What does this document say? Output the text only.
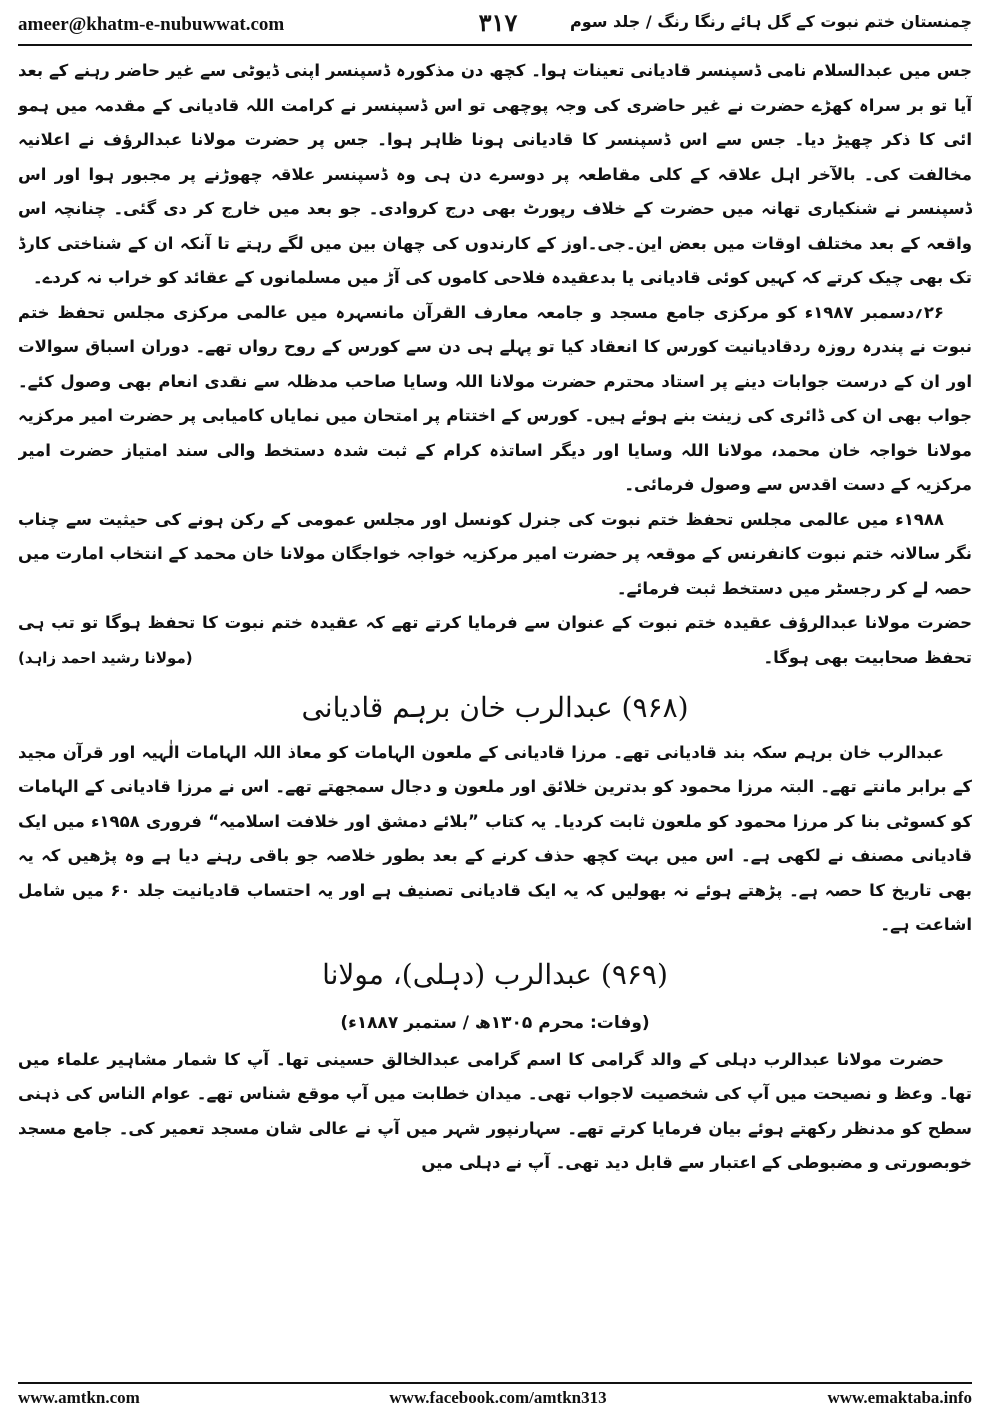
ameer@khatm-e-nubuwwat.com	۳۱۷	چمنستان ختم نبوت کے گل ہائے رنگا رنگ / جلد سوم

جس میں عبدالسلام نامی ڈسپنسر قادیانی تعینات ہوا۔ کچھ دن مذکورہ ڈسپنسر اپنی ڈیوٹی سے غیر حاضر رہنے کے بعد آیا تو بر سراہ کھڑے حضرت نے غیر حاضری کی وجہ پوچھی تو اس ڈسپنسر نے کرامت اللہ قادیانی کے مقدمہ میں ہمو ائی کا ذکر چھیڑ دیا۔ جس سے اس ڈسپنسر کا قادیانی ہونا ظاہر ہوا۔ جس پر حضرت مولانا عبدالرؤف نے اعلانیہ مخالفت کی۔ بالآخر اہل علاقہ کے کلی مقاطعہ پر دوسرے دن ہی وہ ڈسپنسر علاقہ چھوڑنے پر مجبور ہوا اور اس ڈسپنسر نے شنکیاری تھانہ میں حضرت کے خلاف رپورٹ بھی درج کروادی۔ جو بعد میں خارج کر دی گئی۔ چنانچہ اس واقعہ کے بعد مختلف اوقات میں بعض این۔جی۔اوز کے کارندوں کی چھان بین میں لگے رہتے تا آنکہ ان کے شناختی کارڈ تک بھی چیک کرتے کہ کہیں کوئی قادیانی یا بدعقیدہ فلاحی کاموں کی آڑ میں مسلمانوں کے عقائد کو خراب نہ کردے۔

۲۶؍دسمبر ۱۹۸۷ء کو مرکزی جامع مسجد و جامعہ معارف القرآن مانسہرہ میں عالمی مرکزی مجلس تحفظ ختم نبوت نے پندرہ روزہ ردقادیانیت کورس کا انعقاد کیا تو پہلے ہی دن سے کورس کے روح رواں تھے۔ دوران اسباق سوالات اور ان کے درست جوابات دینے پر استاد محترم حضرت مولانا اللہ وسایا صاحب مدظلہ سے نقدی انعام بھی وصول کئے۔ جواب بھی ان کی ڈائری کی زینت بنے ہوئے ہیں۔ کورس کے اختتام پر امتحان میں نمایاں کامیابی پر حضرت امیر مرکزیہ مولانا خواجہ خان محمد، مولانا اللہ وسایا اور دیگر اساتذہ کرام کے ثبت شدہ دستخط والی سند امتیاز حضرت امیر مرکزیہ کے دست اقدس سے وصول فرمائی۔

۱۹۸۸ء میں عالمی مجلس تحفظ ختم نبوت کی جنرل کونسل اور مجلس عمومی کے رکن ہونے کی حیثیت سے چناب نگر سالانہ ختم نبوت کانفرنس کے موقعہ پر حضرت امیر مرکزیہ خواجہ خواجگان مولانا خان محمد کے انتخاب امارت میں حصہ لے کر رجسٹر میں دستخط ثبت فرمائے۔

حضرت مولانا عبدالرؤف عقیدہ ختم نبوت کے عنوان سے فرمایا کرتے تھے کہ عقیدہ ختم نبوت کا تحفظ ہوگا تو تب ہی تحفظ صحابیت بھی ہوگا۔

(مولانا رشید احمد زاہد)
(۹۶۸) عبدالرب خان برہم قادیانی

عبدالرب خان برہم سکہ بند قادیانی تھے۔ مرزا قادیانی کے ملعون الہامات کو معاذ اللہ الہامات الٰہیہ اور قرآن مجید کے برابر مانتے تھے۔ البتہ مرزا محمود کو بدترین خلائق اور ملعون و دجال سمجھتے تھے۔ اس نے مرزا قادیانی کے الہامات کو کسوٹی بنا کر مرزا محمود کو ملعون ثابت کردیا۔ یہ کتاب ”بلائے دمشق اور خلافت اسلامیہ“ فروری ۱۹۵۸ء میں ایک قادیانی مصنف نے لکھی ہے۔ اس میں بہت کچھ حذف کرنے کے بعد بطور خلاصہ جو باقی رہنے دیا ہے وہ پڑھیں کہ یہ بھی تاریخ کا حصہ ہے۔ پڑھتے ہوئے نہ بھولیں کہ یہ ایک قادیانی تصنیف ہے اور یہ احتساب قادیانیت جلد ۶۰ میں شامل اشاعت ہے۔

(۹۶۹) عبدالرب (دہلی)، مولانا
(وفات: محرم ۱۳۰۵ھ / ستمبر ۱۸۸۷ء)

حضرت مولانا عبدالرب دہلی کے والد گرامی کا اسم گرامی عبدالخالق حسینی تھا۔ آپ کا شمار مشاہیر علماء میں تھا۔ وعظ و نصیحت میں آپ کی شخصیت لاجواب تھی۔ میدان خطابت میں آپ موقع شناس تھے۔ عوام الناس کی ذہنی سطح کو مدنظر رکھتے ہوئے بیان فرمایا کرتے تھے۔ سہارنپور شہر میں آپ نے عالی شان مسجد تعمیر کی۔ جامع مسجد خوبصورتی و مضبوطی کے اعتبار سے قابل دید تھی۔ آپ نے دہلی میں

www.amtkn.com	www.facebook.com/amtkn313	www.emaktaba.info
